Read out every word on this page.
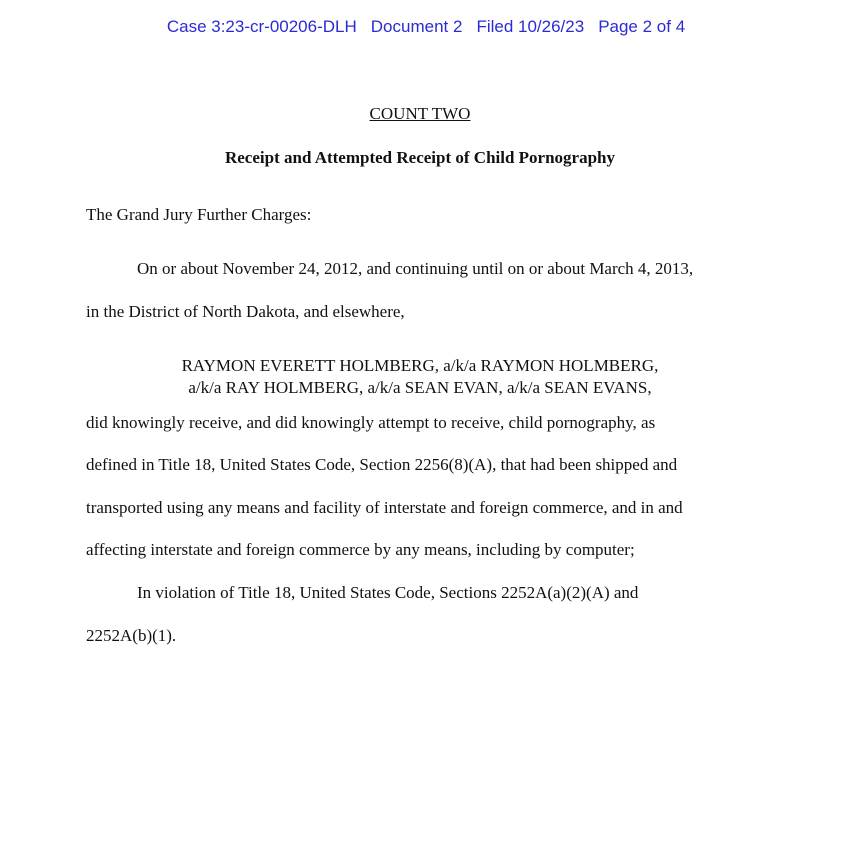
Case 3:23-cr-00206-DLH Document 2 Filed 10/26/23 Page 2 of 4
COUNT TWO
Receipt and Attempted Receipt of Child Pornography
The Grand Jury Further Charges:
On or about November 24, 2012, and continuing until on or about March 4, 2013,
in the District of North Dakota, and elsewhere,
RAYMON EVERETT HOLMBERG, a/k/a RAYMON HOLMBERG,
a/k/a RAY HOLMBERG, a/k/a SEAN EVAN, a/k/a SEAN EVANS,
did knowingly receive, and did knowingly attempt to receive, child pornography, as
defined in Title 18, United States Code, Section 2256(8)(A), that had been shipped and
transported using any means and facility of interstate and foreign commerce, and in and
affecting interstate and foreign commerce by any means, including by computer;
In violation of Title 18, United States Code, Sections 2252A(a)(2)(A) and
2252A(b)(1).
